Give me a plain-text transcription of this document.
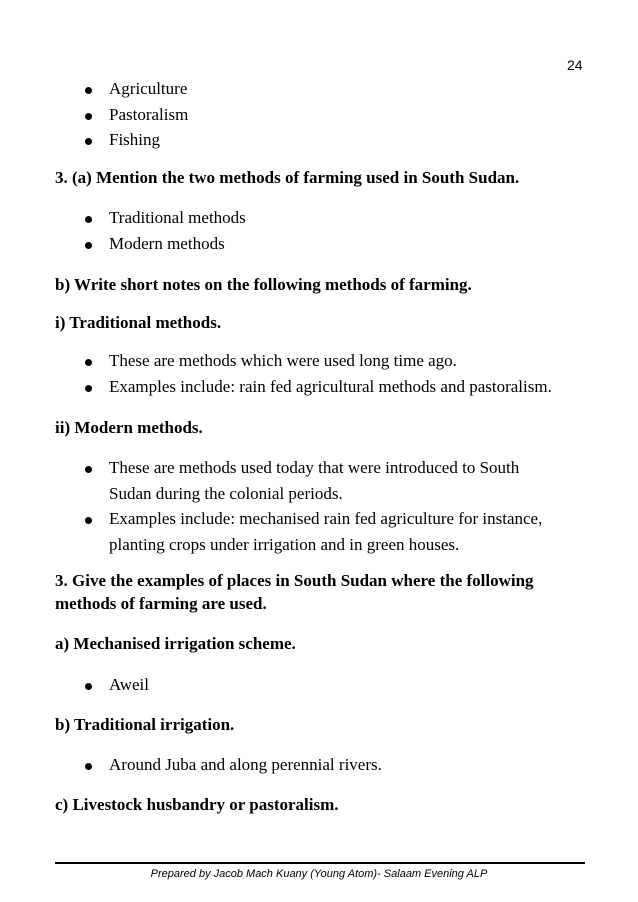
24
Agriculture
Pastoralism
Fishing

3. (a) Mention the two methods of farming used in South Sudan.

Traditional methods
Modern methods

b) Write short notes on the following methods of farming.

i) Traditional methods.

These are methods which were used long time ago.
Examples include: rain fed agricultural methods and pastoralism.

ii) Modern methods.

These are methods used today that were introduced to South Sudan during the colonial periods.
Examples include: mechanised rain fed agriculture for instance, planting crops under irrigation and in green houses.

3. Give the examples of places in South Sudan where the following methods of farming are used.

a) Mechanised irrigation scheme.

Aweil

b) Traditional irrigation.

Around Juba and along perennial rivers.

c) Livestock husbandry or pastoralism.

Prepared by Jacob Mach Kuany (Young Atom)- Salaam Evening ALP
